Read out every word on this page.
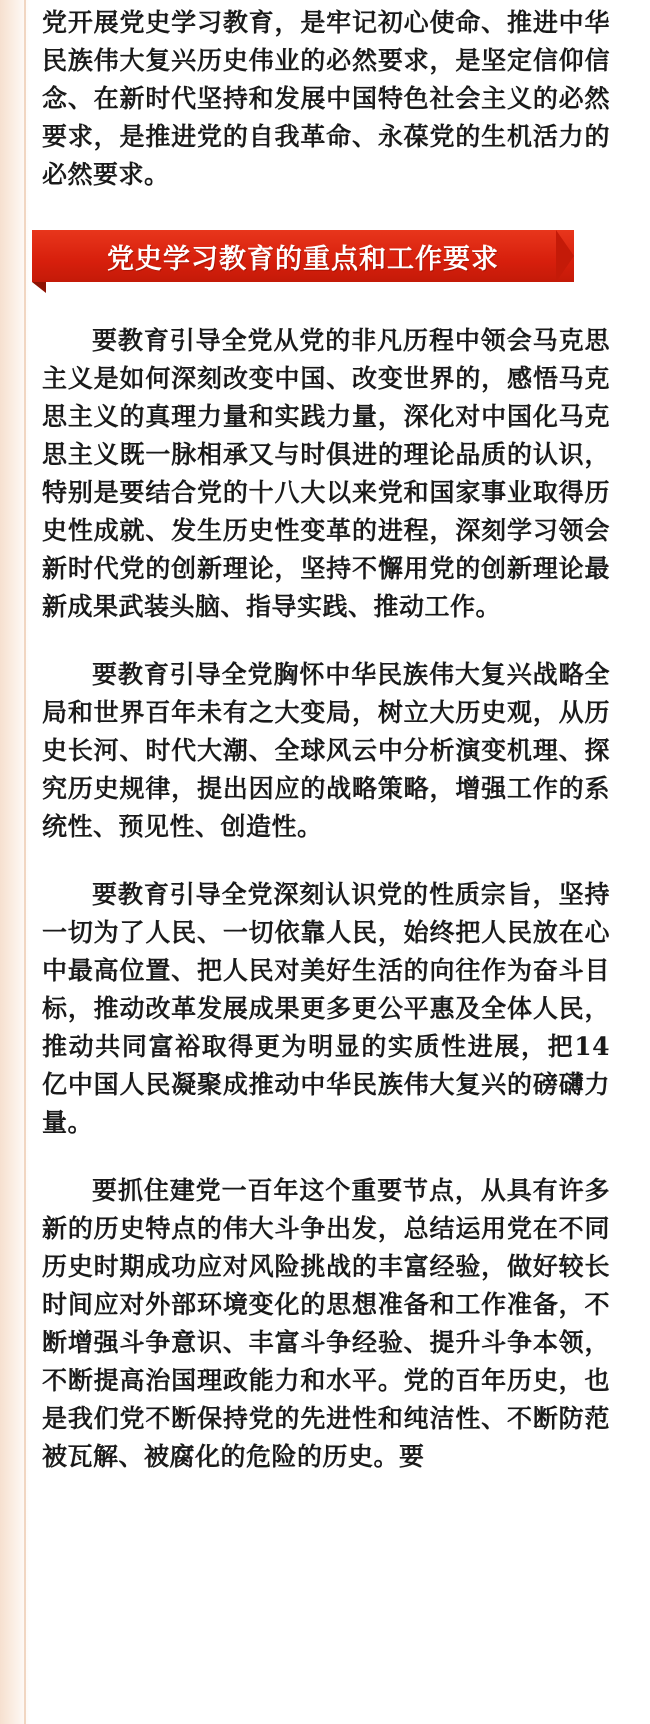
党开展党史学习教育，是牢记初心使命、推进中华民族伟大复兴历史伟业的必然要求，是坚定信仰信念、在新时代坚持和发展中国特色社会主义的必然要求，是推进党的自我革命、永葆党的生机活力的必然要求。

党史学习教育的重点和工作要求

要教育引导全党从党的非凡历程中领会马克思主义是如何深刻改变中国、改变世界的，感悟马克思主义的真理力量和实践力量，深化对中国化马克思主义既一脉相承又与时俱进的理论品质的认识，特别是要结合党的十八大以来党和国家事业取得历史性成就、发生历史性变革的进程，深刻学习领会新时代党的创新理论，坚持不懈用党的创新理论最新成果武装头脑、指导实践、推动工作。

要教育引导全党胸怀中华民族伟大复兴战略全局和世界百年未有之大变局，树立大历史观，从历史长河、时代大潮、全球风云中分析演变机理、探究历史规律，提出因应的战略策略，增强工作的系统性、预见性、创造性。

要教育引导全党深刻认识党的性质宗旨，坚持一切为了人民、一切依靠人民，始终把人民放在心中最高位置、把人民对美好生活的向往作为奋斗目标，推动改革发展成果更多更公平惠及全体人民，推动共同富裕取得更为明显的实质性进展，把14亿中国人民凝聚成推动中华民族伟大复兴的磅礴力量。

要抓住建党一百年这个重要节点，从具有许多新的历史特点的伟大斗争出发，总结运用党在不同历史时期成功应对风险挑战的丰富经验，做好较长时间应对外部环境变化的思想准备和工作准备，不断增强斗争意识、丰富斗争经验、提升斗争本领，不断提高治国理政能力和水平。党的百年历史，也是我们党不断保持党的先进性和纯洁性、不断防范被瓦解、被腐化的危险的历史。要
